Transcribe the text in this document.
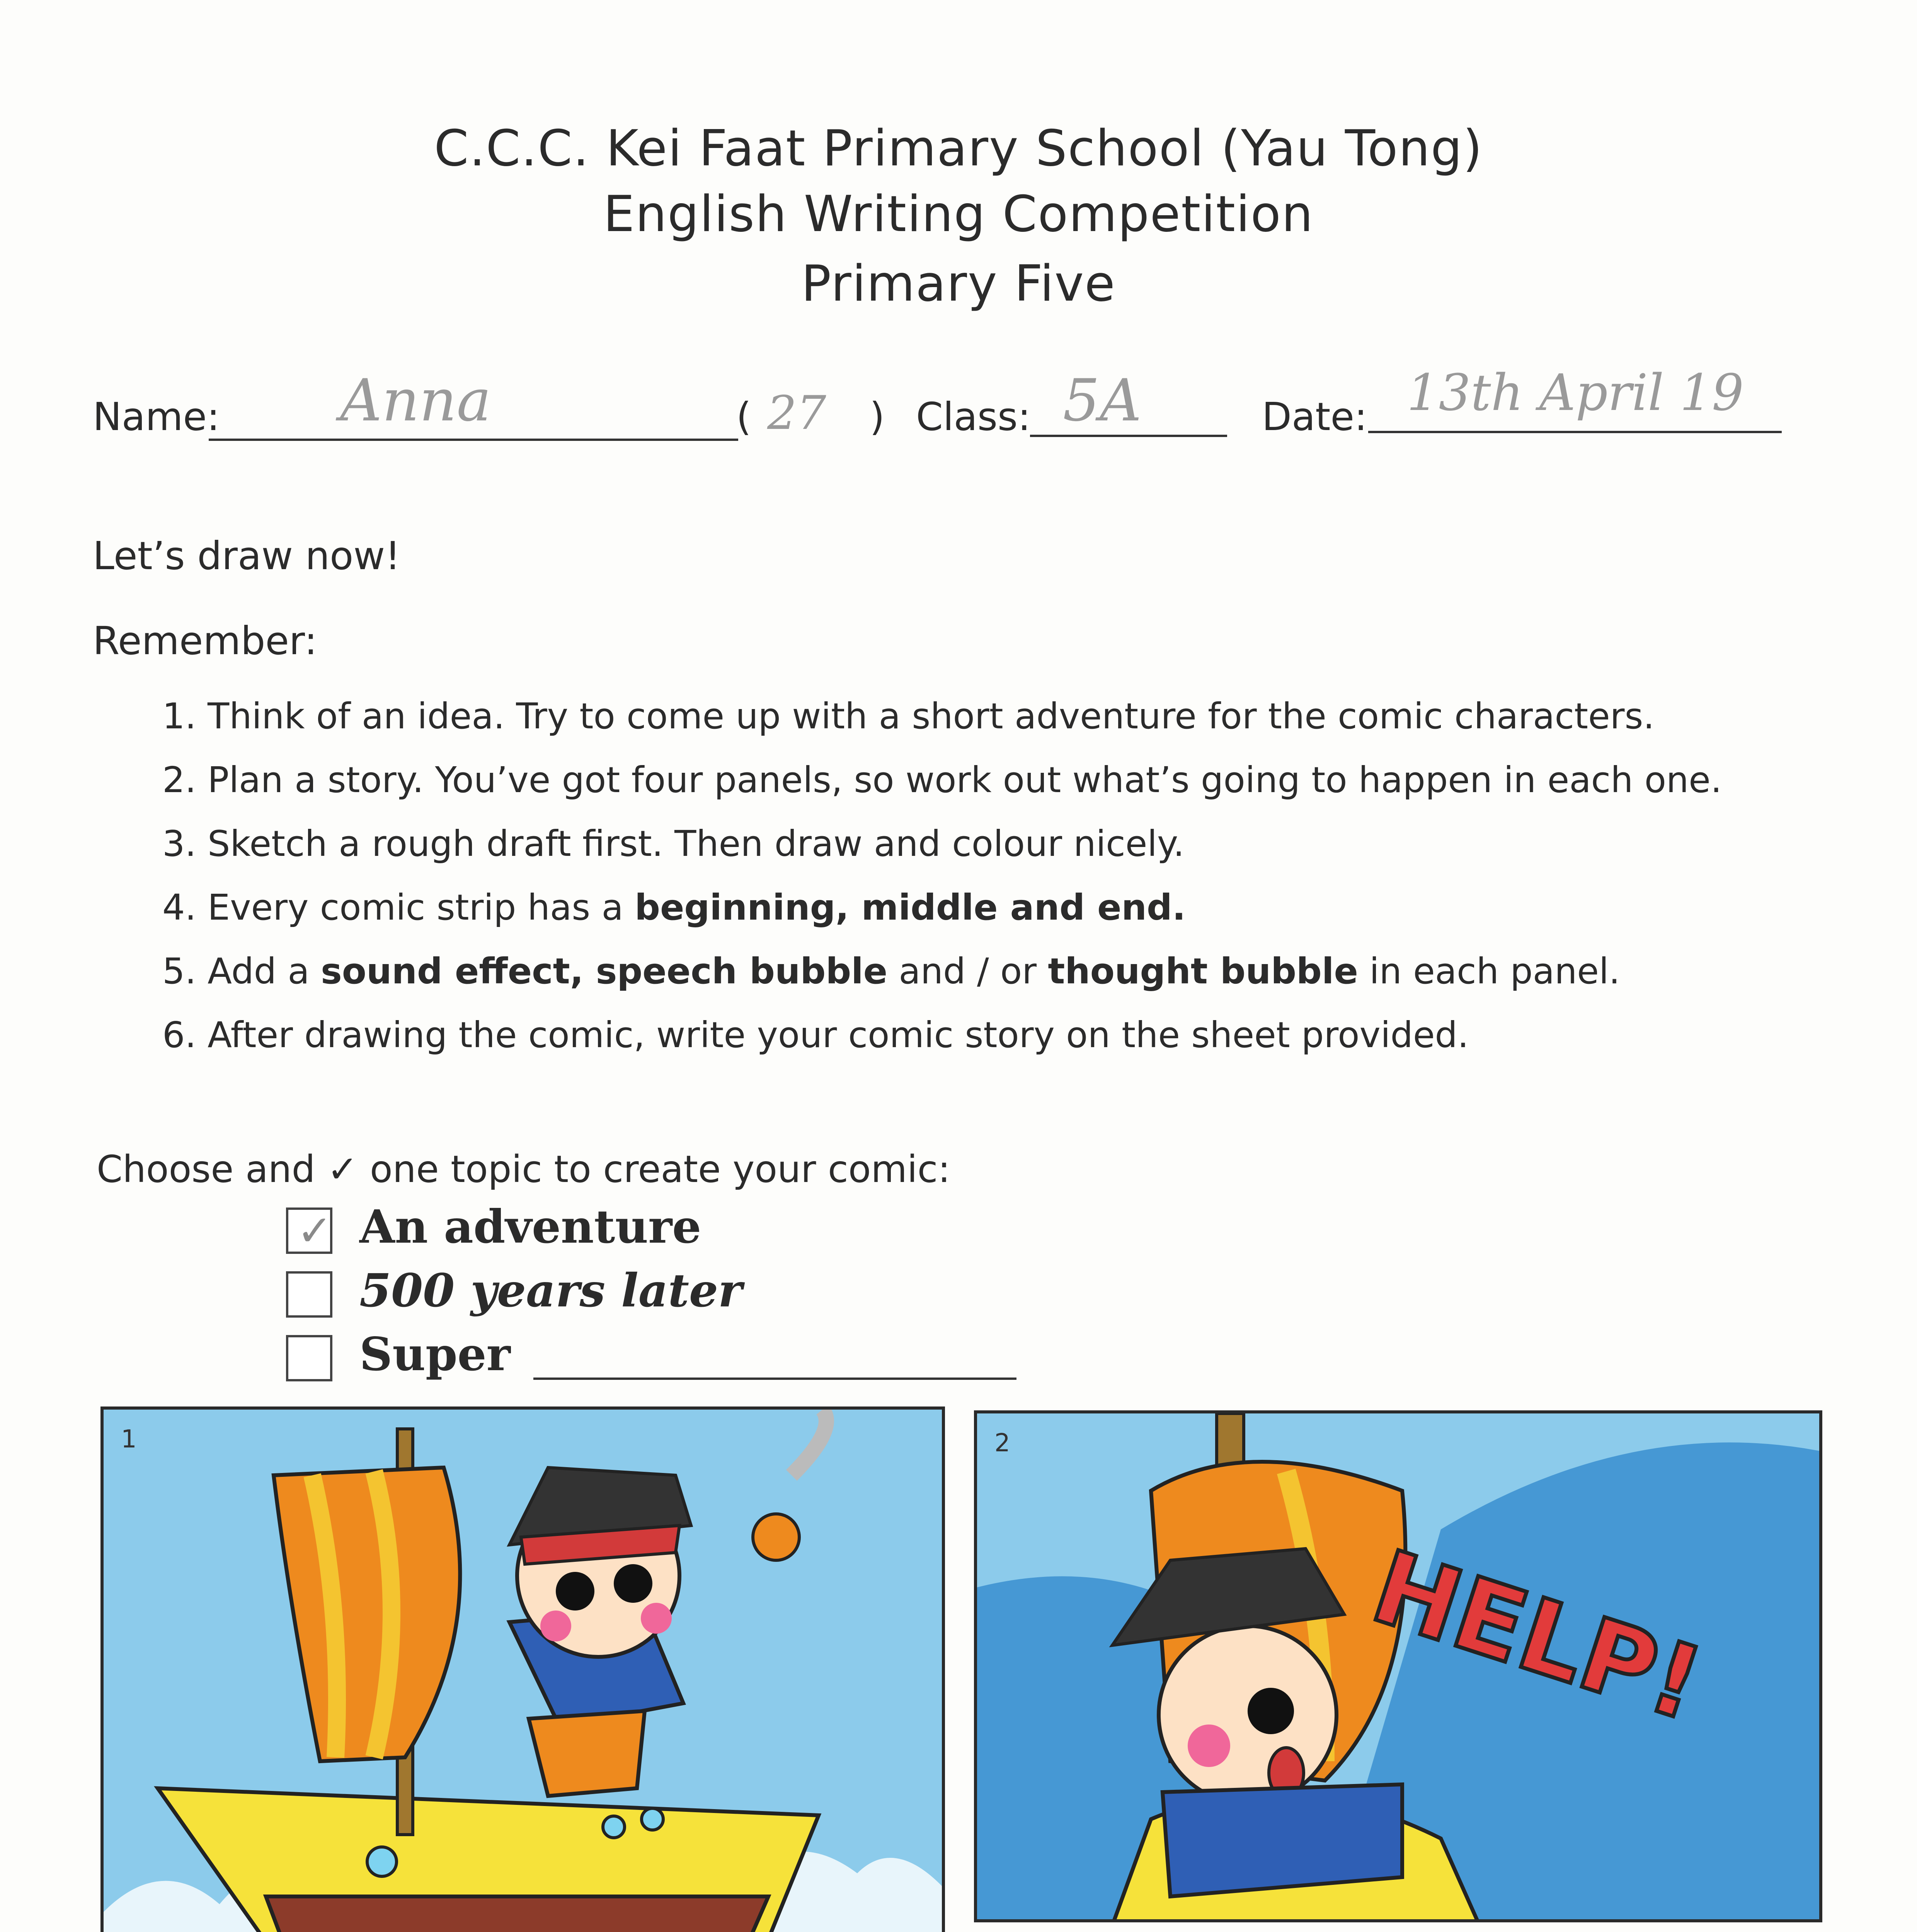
C.C.C. Kei Faat Primary School (Yau Tong)
English Writing Competition
Primary Five
Name: Anna	( 27 ) Class: 5A	Date: 13th April 19
Let’s draw now!
Remember:
1. Think of an idea. Try to come up with a short adventure for the comic characters.
2. Plan a story. You’ve got four panels, so work out what’s going to happen in each one.
3. Sketch a rough draft first. Then draw and colour nicely.
4. Every comic strip has a beginning, middle and end.
5. Add a sound effect, speech bubble and / or thought bubble in each panel.
6. After drawing the comic, write your comic story on the sheet provided.
Choose and ✓ one topic to create your comic:
✓ An adventure
500 years later
Super
1	2
HELP!
